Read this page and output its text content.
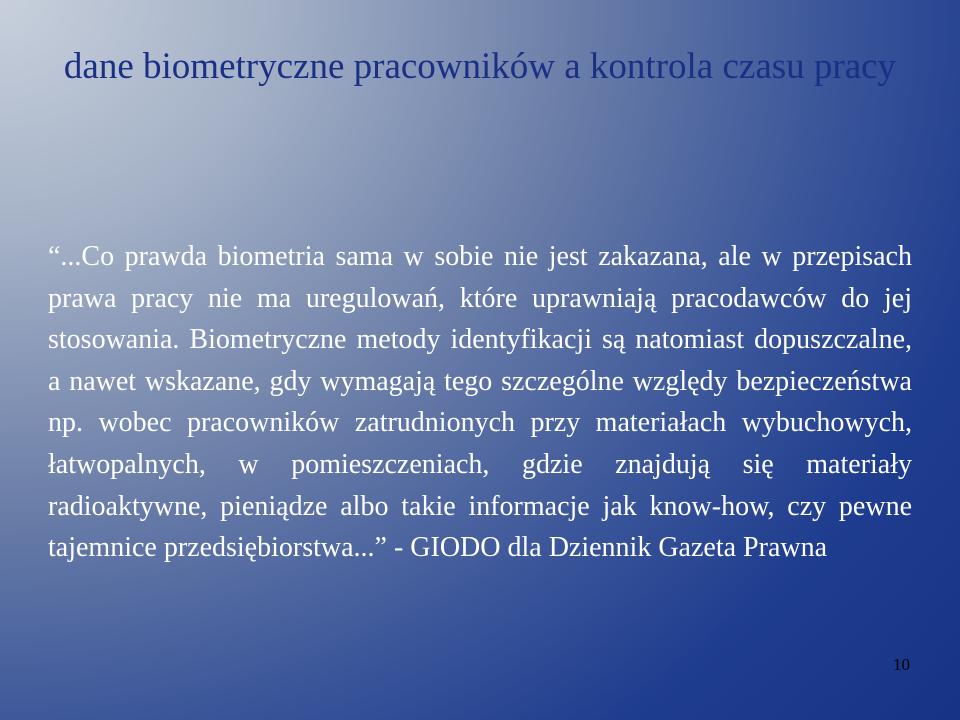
dane biometryczne pracowników a kontrola czasu pracy

“...Co prawda biometria sama w sobie nie jest zakazana, ale w przepisach prawa pracy nie ma uregulowań, które uprawniają pracodawców do jej stosowania. Biometryczne metody identyfikacji są natomiast dopuszczalne, a nawet wskazane, gdy wymagają tego szczególne względy bezpieczeństwa np. wobec pracowników zatrudnionych przy materiałach wybuchowych, łatwopalnych, w pomieszczeniach, gdzie znajdują się materiały radioaktywne, pieniądze albo takie informacje jak know-how, czy pewne tajemnice przedsiębiorstwa...” - GIODO dla Dziennik Gazeta Prawna

10
